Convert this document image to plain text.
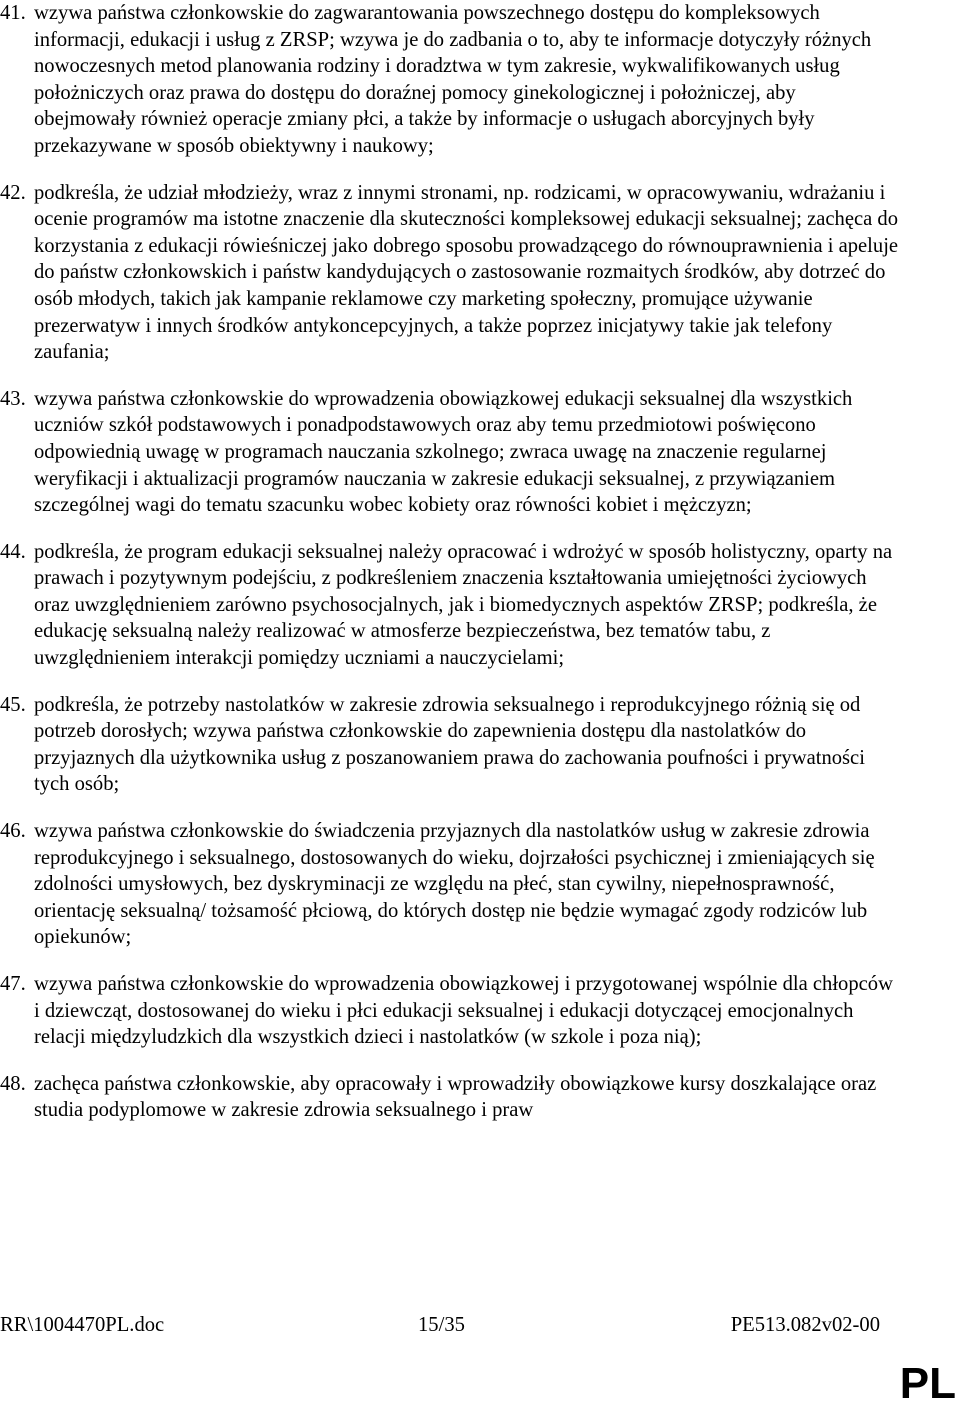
41. wzywa państwa członkowskie do zagwarantowania powszechnego dostępu do kompleksowych informacji, edukacji i usług z ZRSP; wzywa je do zadbania o to, aby te informacje dotyczyły różnych nowoczesnych metod planowania rodziny i doradztwa w tym zakresie, wykwalifikowanych usług położniczych oraz prawa do dostępu do doraźnej pomocy ginekologicznej i położniczej, aby obejmowały również operacje zmiany płci, a także by informacje o usługach aborcyjnych były przekazywane w sposób obiektywny i naukowy;
42. podkreśla, że udział młodzieży, wraz z innymi stronami, np. rodzicami, w opracowywaniu, wdrażaniu i ocenie programów ma istotne znaczenie dla skuteczności kompleksowej edukacji seksualnej; zachęca do korzystania z edukacji rówieśniczej jako dobrego sposobu prowadzącego do równouprawnienia i apeluje do państw członkowskich i państw kandydujących o zastosowanie rozmaitych środków, aby dotrzeć do osób młodych, takich jak kampanie reklamowe czy marketing społeczny, promujące używanie prezerwatyw i innych środków antykoncepcyjnych, a także poprzez inicjatywy takie jak telefony zaufania;
43. wzywa państwa członkowskie do wprowadzenia obowiązkowej edukacji seksualnej dla wszystkich uczniów szkół podstawowych i ponadpodstawowych oraz aby temu przedmiotowi poświęcono odpowiednią uwagę w programach nauczania szkolnego; zwraca uwagę na znaczenie regularnej weryfikacji i aktualizacji programów nauczania w zakresie edukacji seksualnej, z przywiązaniem szczególnej wagi do tematu szacunku wobec kobiety oraz równości kobiet i mężczyzn;
44. podkreśla, że program edukacji seksualnej należy opracować i wdrożyć w sposób holistyczny, oparty na prawach i pozytywnym podejściu, z podkreśleniem znaczenia kształtowania umiejętności życiowych oraz uwzględnieniem zarówno psychosocjalnych, jak i biomedycznych aspektów ZRSP; podkreśla, że edukację seksualną należy realizować w atmosferze bezpieczeństwa, bez tematów tabu, z uwzględnieniem interakcji pomiędzy uczniami a nauczycielami;
45. podkreśla, że potrzeby nastolatków w zakresie zdrowia seksualnego i reprodukcyjnego różnią się od potrzeb dorosłych; wzywa państwa członkowskie do zapewnienia dostępu dla nastolatków do przyjaznych dla użytkownika usług z poszanowaniem prawa do zachowania poufności i prywatności tych osób;
46. wzywa państwa członkowskie do świadczenia przyjaznych dla nastolatków usług w zakresie zdrowia reprodukcyjnego i seksualnego, dostosowanych do wieku, dojrzałości psychicznej i zmieniających się zdolności umysłowych, bez dyskryminacji ze względu na płeć, stan cywilny, niepełnosprawność, orientację seksualną/ tożsamość płciową, do których dostęp nie będzie wymagać zgody rodziców lub opiekunów;
47. wzywa państwa członkowskie do wprowadzenia obowiązkowej i przygotowanej wspólnie dla chłopców i dziewcząt, dostosowanej do wieku i płci edukacji seksualnej i edukacji dotyczącej emocjonalnych relacji międzyludzkich dla wszystkich dzieci i nastolatków (w szkole i poza nią);
48. zachęca państwa członkowskie, aby opracowały i wprowadziły obowiązkowe kursy doszkalające oraz studia podyplomowe w zakresie zdrowia seksualnego i praw
RR\1004470PL.doc	15/35	PE513.082v02-00
PL
